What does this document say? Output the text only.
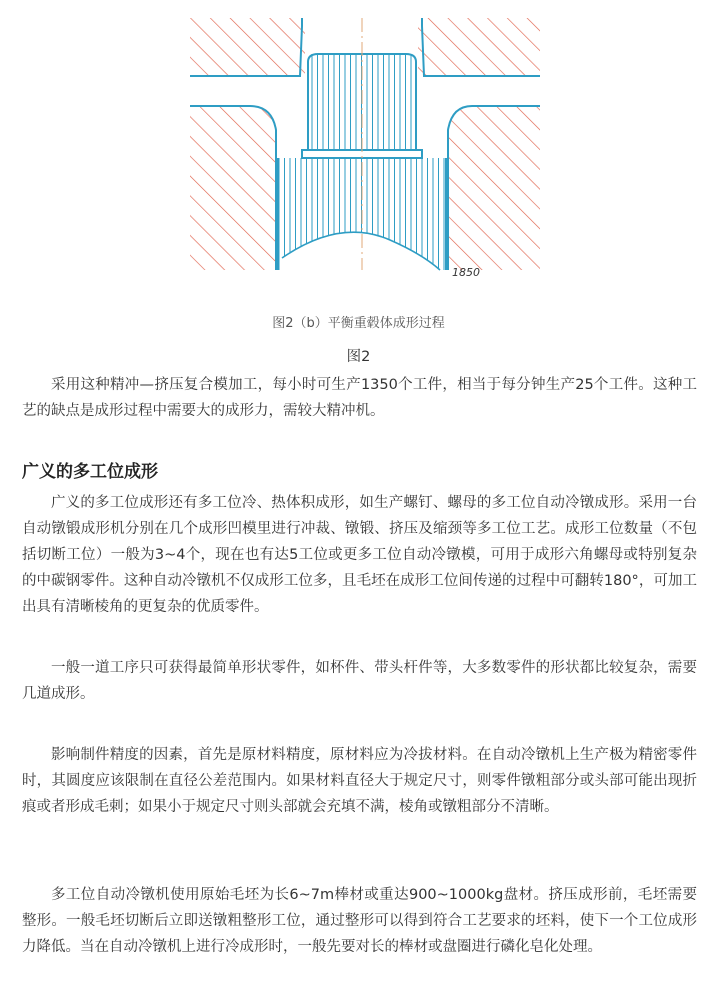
1850
图2（b）平衡重毂体成形过程
图2

采用这种精冲—挤压复合模加工，每小时可生产1350个工件，相当于每分钟生产25个工件。这种工艺的缺点是成形过程中需要大的成形力，需较大精冲机。

广义的多工位成形

广义的多工位成形还有多工位冷、热体积成形，如生产螺钉、螺母的多工位自动冷镦成形。采用一台自动镦锻成形机分别在几个成形凹模里进行冲裁、镦锻、挤压及缩颈等多工位工艺。成形工位数量（不包括切断工位）一般为3~4个，现在也有达5工位或更多工位自动冷镦模，可用于成形六角螺母或特别复杂的中碳钢零件。这种自动冷镦机不仅成形工位多，且毛坯在成形工位间传递的过程中可翻转180°，可加工出具有清晰棱角的更复杂的优质零件。

一般一道工序只可获得最简单形状零件，如杯件、带头杆件等，大多数零件的形状都比较复杂，需要几道成形。

影响制件精度的因素，首先是原材料精度，原材料应为冷拔材料。在自动冷镦机上生产极为精密零件时，其圆度应该限制在直径公差范围内。如果材料直径大于规定尺寸，则零件镦粗部分或头部可能出现折痕或者形成毛刺；如果小于规定尺寸则头部就会充填不满，棱角或镦粗部分不清晰。

多工位自动冷镦机使用原始毛坯为长6~7m棒材或重达900~1000kg盘材。挤压成形前，毛坯需要整形。一般毛坯切断后立即送镦粗整形工位，通过整形可以得到符合工艺要求的坯料，使下一个工位成形力降低。当在自动冷镦机上进行冷成形时，一般先要对长的棒材或盘圈进行磷化皂化处理。
